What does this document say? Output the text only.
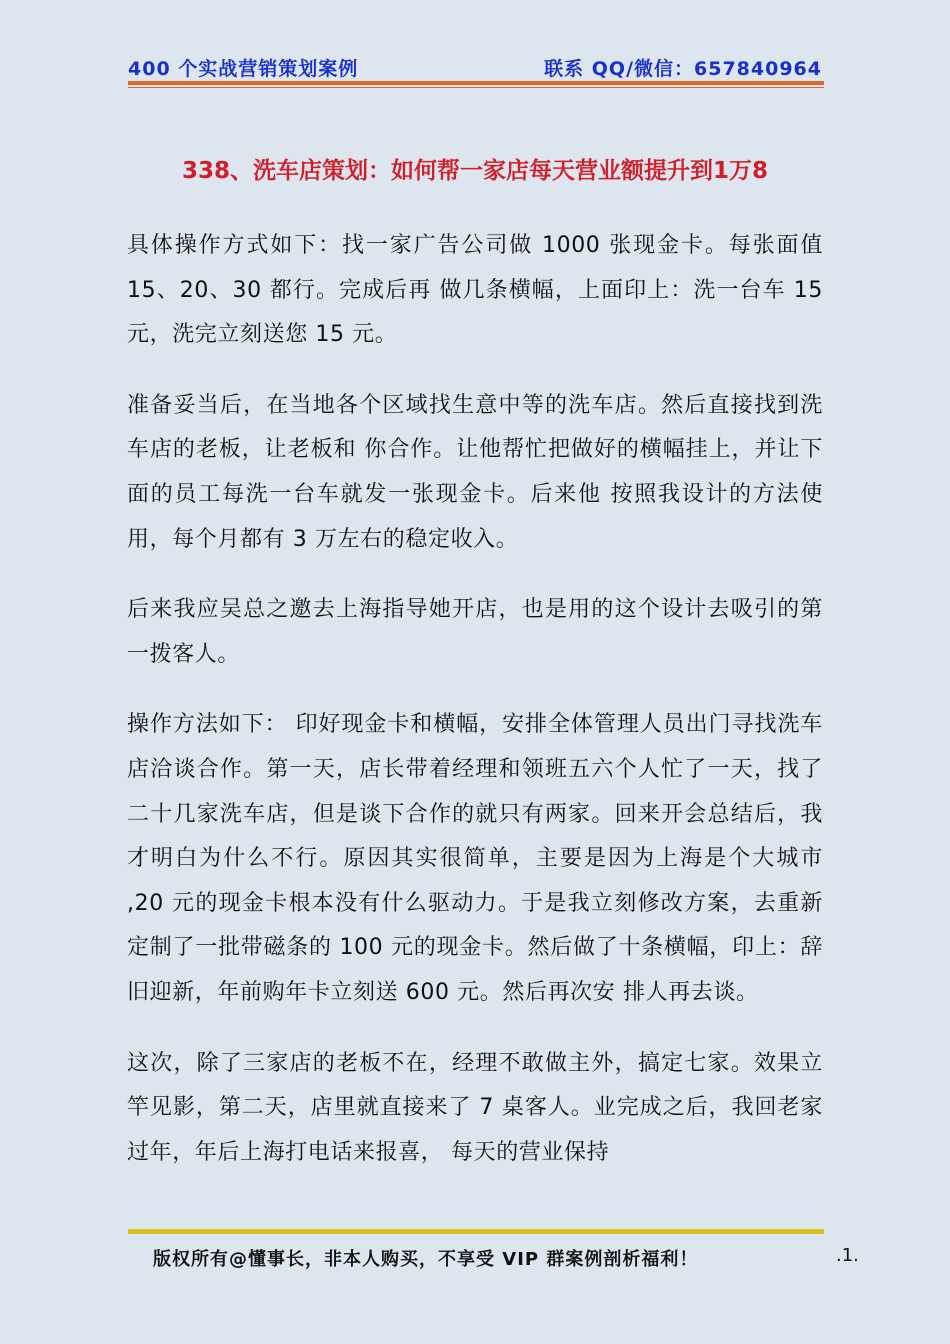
400 个实战营销策划案例	联系 QQ/微信：657840964
338、洗车店策划：如何帮一家店每天营业额提升到1万8

具体操作方式如下：找一家广告公司做 1000 张现金卡。每张面值 15、20、30 都行。完成后再 做几条横幅，上面印上：洗一台车 15 元，洗完立刻送您 15 元。

准备妥当后，在当地各个区域找生意中等的洗车店。然后直接找到洗车店的老板，让老板和 你合作。让他帮忙把做好的横幅挂上，并让下面的员工每洗一台车就发一张现金卡。后来他 按照我设计的方法使用，每个月都有 3 万左右的稳定收入。

后来我应吴总之邀去上海指导她开店，也是用的这个设计去吸引的第一拨客人。

操作方法如下： 印好现金卡和横幅，安排全体管理人员出门寻找洗车店洽谈合作。第一天，店长带着经理和领班五六个人忙了一天，找了二十几家洗车店，但是谈下合作的就只有两家。回来开会总结后，我才明白为什么不行。原因其实很简单，主要是因为上海是个大城市 ,20 元的现金卡根本没有什么驱动力。于是我立刻修改方案，去重新定制了一批带磁条的 100 元的现金卡。然后做了十条横幅，印上：辞旧迎新，年前购年卡立刻送 600 元。然后再次安 排人再去谈。

这次，除了三家店的老板不在，经理不敢做主外，搞定七家。效果立竿见影，第二天，店里就直接来了 7 桌客人。业完成之后，我回老家过年，年后上海打电话来报喜， 每天的营业保持

版权所有@懂事长，非本人购买，不享受 VIP 群案例剖析福利！	.1.
